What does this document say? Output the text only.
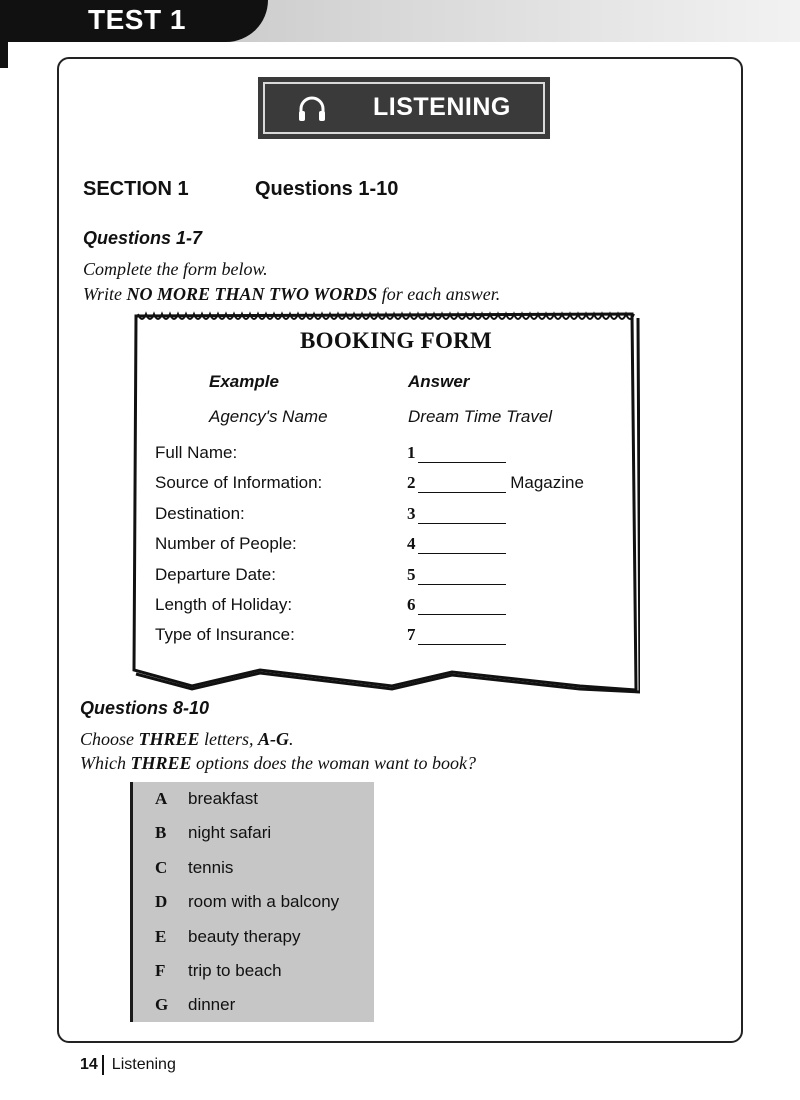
TEST 1
LISTENING
SECTION 1	Questions 1-10
Questions 1-7
Complete the form below.
Write NO MORE THAN TWO WORDS for each answer.
BOOKING FORM
Example	Answer
Agency's Name	Dream Time Travel
Full Name:	1
Source of Information:	2	Magazine
Destination:	3
Number of People:	4
Departure Date:	5
Length of Holiday:	6
Type of Insurance:	7
Questions 8-10
Choose THREE letters, A-G.
Which THREE options does the woman want to book?
A breakfast
B night safari
C tennis
D room with a balcony
E beauty therapy
F trip to beach
G dinner
14 Listening
